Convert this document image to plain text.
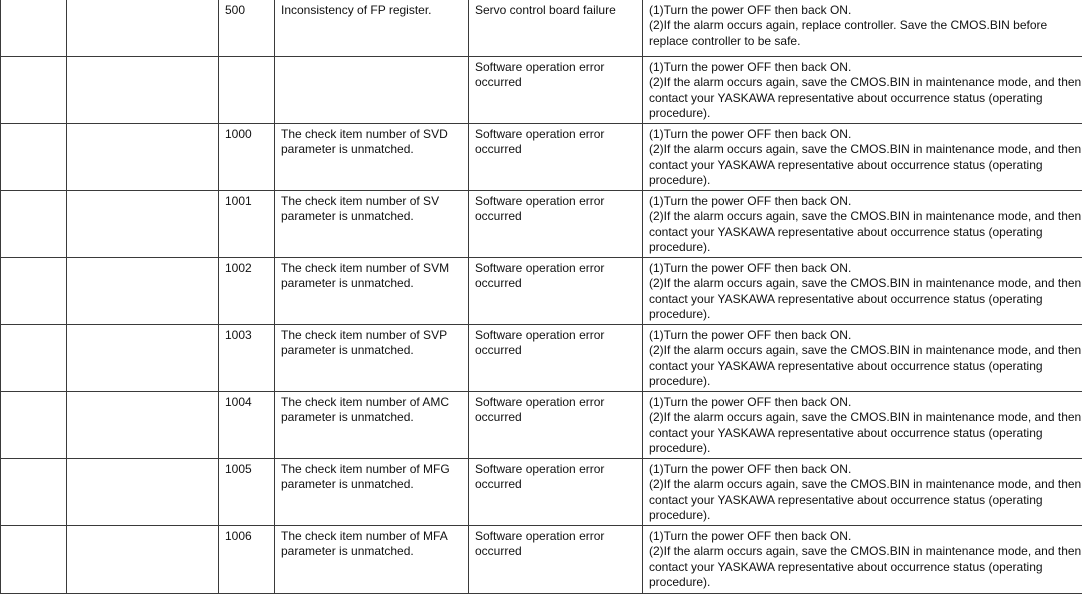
		500	Inconsistency of FP register.	Servo control board failure	(1)Turn the power OFF then back ON.
(2)If the alarm occurs again, replace controller. Save the CMOS.BIN before replace controller to be safe.

				Software operation error occurred	(1)Turn the power OFF then back ON.
(2)If the alarm occurs again, save the CMOS.BIN in maintenance mode, and then contact your YASKAWA representative about occurrence status (operating procedure).

		1000	The check item number of SVD parameter is unmatched.	Software operation error occurred	(1)Turn the power OFF then back ON.
(2)If the alarm occurs again, save the CMOS.BIN in maintenance mode, and then contact your YASKAWA representative about occurrence status (operating procedure).

		1001	The check item number of SV parameter is unmatched.	Software operation error occurred	(1)Turn the power OFF then back ON.
(2)If the alarm occurs again, save the CMOS.BIN in maintenance mode, and then contact your YASKAWA representative about occurrence status (operating procedure).

		1002	The check item number of SVM parameter is unmatched.	Software operation error occurred	(1)Turn the power OFF then back ON.
(2)If the alarm occurs again, save the CMOS.BIN in maintenance mode, and then contact your YASKAWA representative about occurrence status (operating procedure).

		1003	The check item number of SVP parameter is unmatched.	Software operation error occurred	(1)Turn the power OFF then back ON.
(2)If the alarm occurs again, save the CMOS.BIN in maintenance mode, and then contact your YASKAWA representative about occurrence status (operating procedure).

		1004	The check item number of AMC parameter is unmatched.	Software operation error occurred	(1)Turn the power OFF then back ON.
(2)If the alarm occurs again, save the CMOS.BIN in maintenance mode, and then contact your YASKAWA representative about occurrence status (operating procedure).

		1005	The check item number of MFG parameter is unmatched.	Software operation error occurred	(1)Turn the power OFF then back ON.
(2)If the alarm occurs again, save the CMOS.BIN in maintenance mode, and then contact your YASKAWA representative about occurrence status (operating procedure).

		1006	The check item number of MFA parameter is unmatched.	Software operation error occurred	(1)Turn the power OFF then back ON.
(2)If the alarm occurs again, save the CMOS.BIN in maintenance mode, and then contact your YASKAWA representative about occurrence status (operating procedure).
